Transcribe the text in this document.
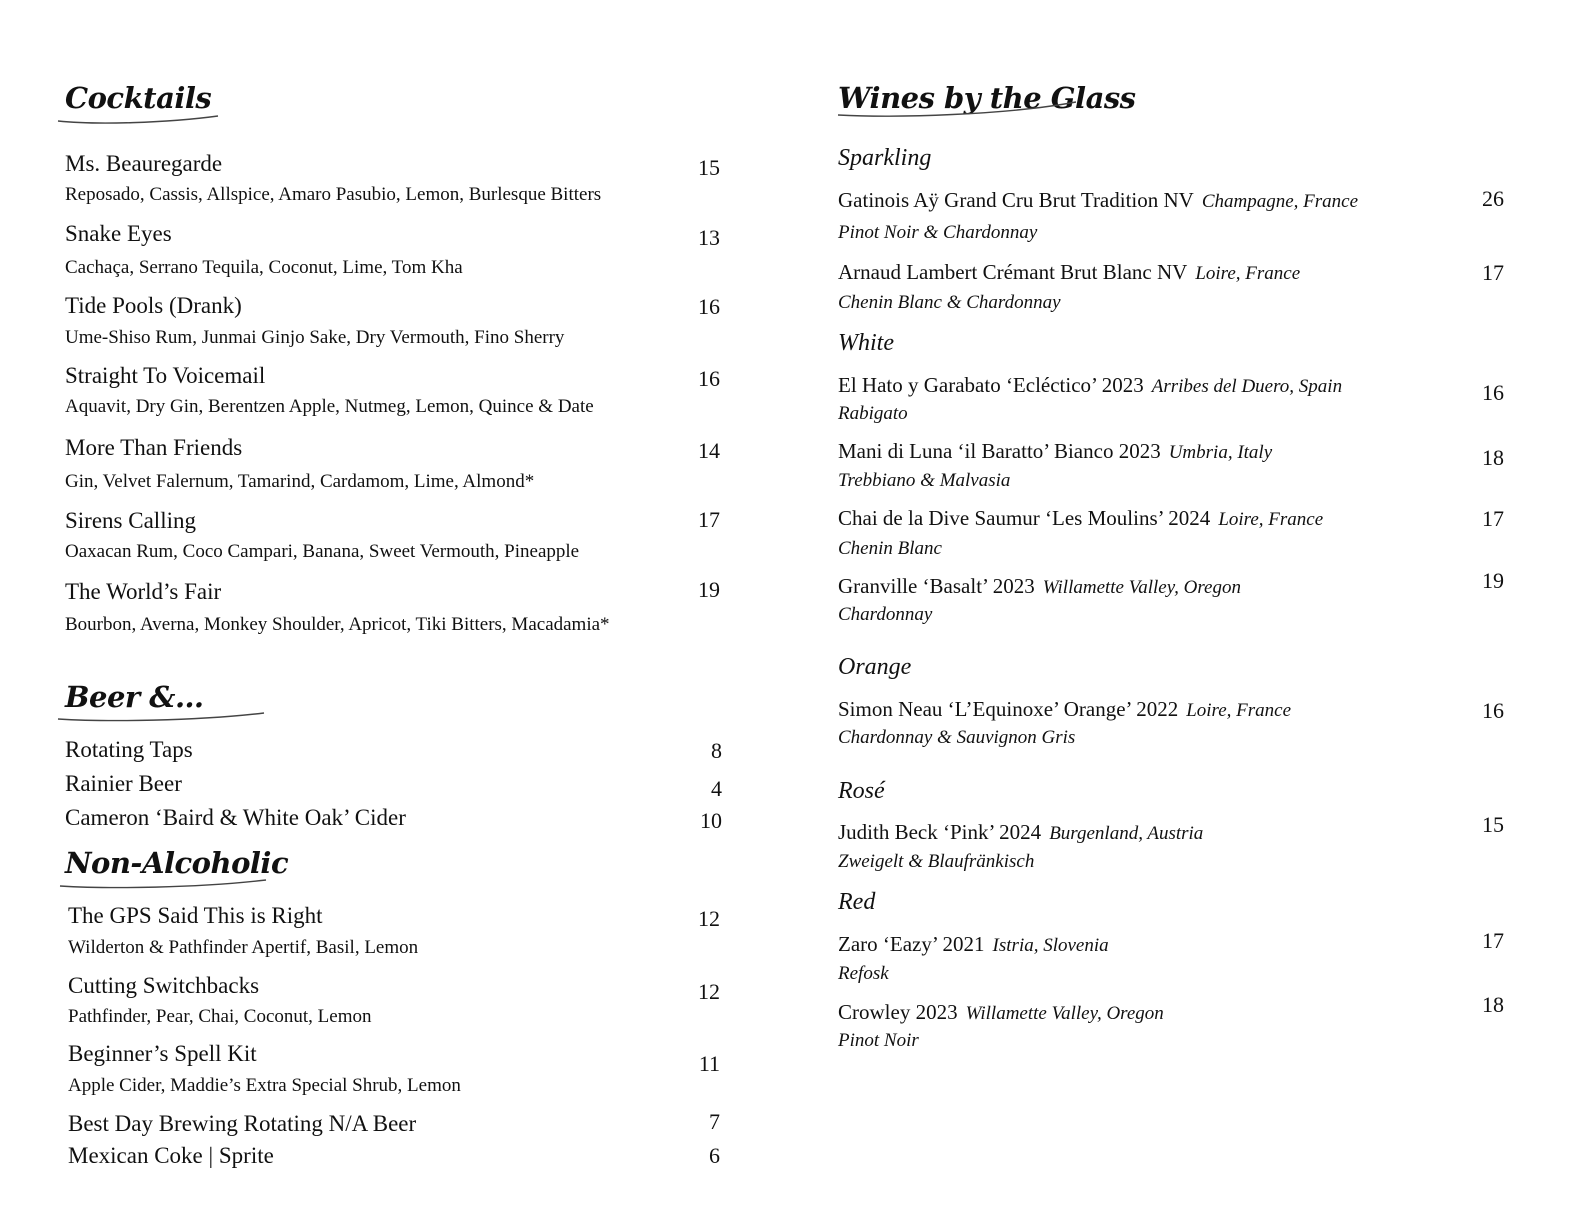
Cocktails
Ms. Beauregarde
Reposado, Cassis, Allspice, Amaro Pasubio, Lemon, Burlesque Bitters
15
Snake Eyes
Cachaça, Serrano Tequila, Coconut, Lime, Tom Kha
13
Tide Pools (Drank)
Ume-Shiso Rum, Junmai Ginjo Sake, Dry Vermouth, Fino Sherry
16
Straight To Voicemail
Aquavit, Dry Gin, Berentzen Apple, Nutmeg, Lemon, Quince & Date
16
More Than Friends
Gin, Velvet Falernum, Tamarind, Cardamom, Lime, Almond*
14
Sirens Calling
Oaxacan Rum, Coco Campari, Banana, Sweet Vermouth, Pineapple
17
The World’s Fair
Bourbon, Averna, Monkey Shoulder, Apricot, Tiki Bitters, Macadamia*
19
Beer &…
Rotating Taps	8
Rainier Beer	4
Cameron ‘Baird & White Oak’ Cider	10
Non-Alcoholic
The GPS Said This is Right
Wilderton & Pathfinder Apertif, Basil, Lemon
12
Cutting Switchbacks
Pathfinder, Pear, Chai, Coconut, Lemon
12
Beginner’s Spell Kit
Apple Cider, Maddie’s Extra Special Shrub, Lemon
11
Best Day Brewing Rotating N/A Beer	7
Mexican Coke | Sprite	6
Wines by the Glass
Sparkling
Gatinois Aÿ Grand Cru Brut Tradition NV Champagne, France
Pinot Noir & Chardonnay
26
Arnaud Lambert Crémant Brut Blanc NV Loire, France
Chenin Blanc & Chardonnay
17
White
El Hato y Garabato ‘Ecléctico’ 2023 Arribes del Duero, Spain
Rabigato
16
Mani di Luna ‘il Baratto’ Bianco 2023 Umbria, Italy
Trebbiano & Malvasia
18
Chai de la Dive Saumur ‘Les Moulins’ 2024 Loire, France
Chenin Blanc
17
Granville ‘Basalt’ 2023 Willamette Valley, Oregon
Chardonnay
19
Orange
Simon Neau ‘L’Equinoxe’ Orange’ 2022 Loire, France
Chardonnay & Sauvignon Gris
16
Rosé
Judith Beck ‘Pink’ 2024 Burgenland, Austria
Zweigelt & Blaufränkisch
15
Red
Zaro ‘Eazy’ 2021 Istria, Slovenia
Refosk
17
Crowley 2023 Willamette Valley, Oregon
Pinot Noir
18
